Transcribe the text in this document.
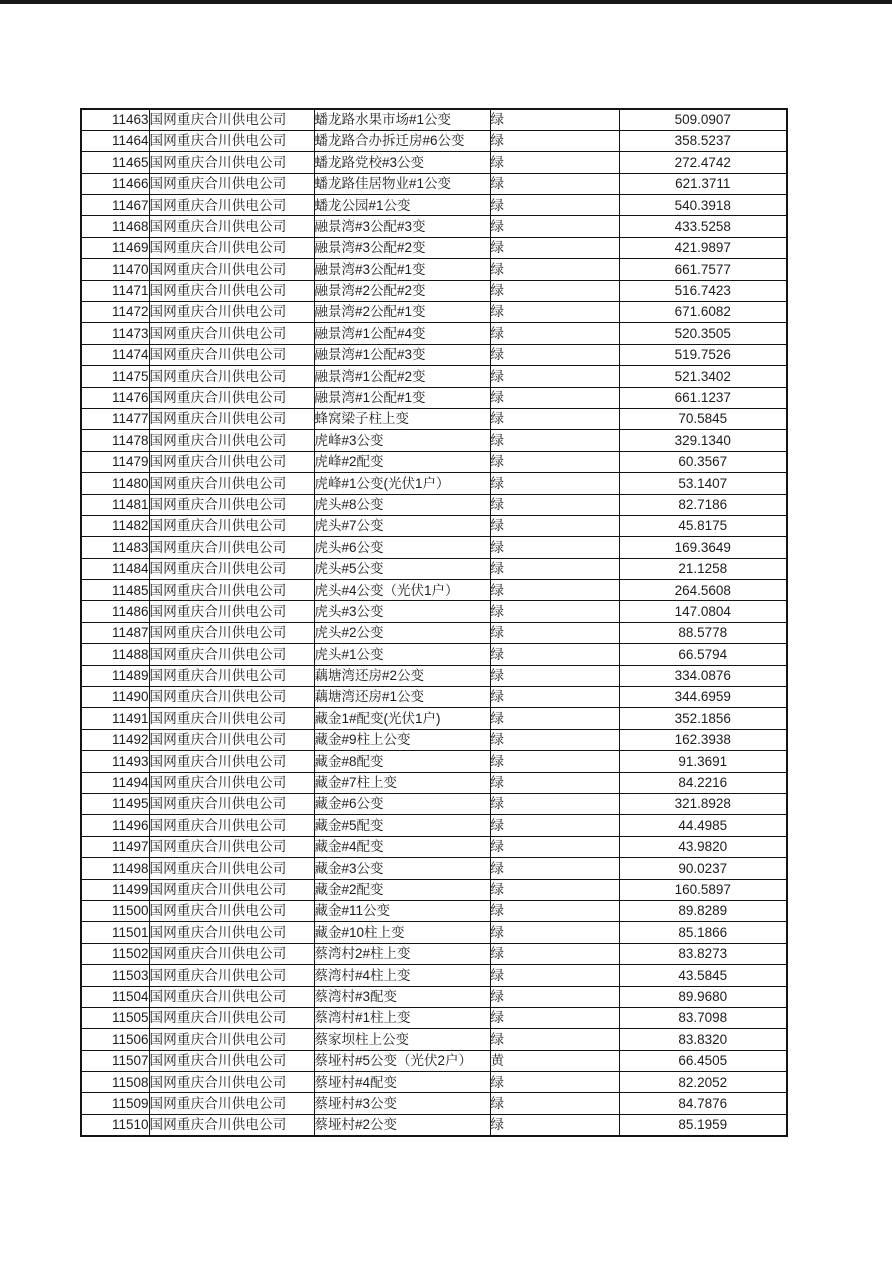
11463	国网重庆合川供电公司	蟠龙路水果市场#1公变	绿	509.0907
11464	国网重庆合川供电公司	蟠龙路合办拆迁房#6公变	绿	358.5237
11465	国网重庆合川供电公司	蟠龙路党校#3公变	绿	272.4742
11466	国网重庆合川供电公司	蟠龙路佳居物业#1公变	绿	621.3711
11467	国网重庆合川供电公司	蟠龙公园#1公变	绿	540.3918
11468	国网重庆合川供电公司	融景湾#3公配#3变	绿	433.5258
11469	国网重庆合川供电公司	融景湾#3公配#2变	绿	421.9897
11470	国网重庆合川供电公司	融景湾#3公配#1变	绿	661.7577
11471	国网重庆合川供电公司	融景湾#2公配#2变	绿	516.7423
11472	国网重庆合川供电公司	融景湾#2公配#1变	绿	671.6082
11473	国网重庆合川供电公司	融景湾#1公配#4变	绿	520.3505
11474	国网重庆合川供电公司	融景湾#1公配#3变	绿	519.7526
11475	国网重庆合川供电公司	融景湾#1公配#2变	绿	521.3402
11476	国网重庆合川供电公司	融景湾#1公配#1变	绿	661.1237
11477	国网重庆合川供电公司	蜂窝梁子柱上变	绿	70.5845
11478	国网重庆合川供电公司	虎峰#3公变	绿	329.1340
11479	国网重庆合川供电公司	虎峰#2配变	绿	60.3567
11480	国网重庆合川供电公司	虎峰#1公变(光伏1户）	绿	53.1407
11481	国网重庆合川供电公司	虎头#8公变	绿	82.7186
11482	国网重庆合川供电公司	虎头#7公变	绿	45.8175
11483	国网重庆合川供电公司	虎头#6公变	绿	169.3649
11484	国网重庆合川供电公司	虎头#5公变	绿	21.1258
11485	国网重庆合川供电公司	虎头#4公变（光伏1户）	绿	264.5608
11486	国网重庆合川供电公司	虎头#3公变	绿	147.0804
11487	国网重庆合川供电公司	虎头#2公变	绿	88.5778
11488	国网重庆合川供电公司	虎头#1公变	绿	66.5794
11489	国网重庆合川供电公司	藕塘湾还房#2公变	绿	334.0876
11490	国网重庆合川供电公司	藕塘湾还房#1公变	绿	344.6959
11491	国网重庆合川供电公司	藏金1#配变(光伏1户)	绿	352.1856
11492	国网重庆合川供电公司	藏金#9柱上公变	绿	162.3938
11493	国网重庆合川供电公司	藏金#8配变	绿	91.3691
11494	国网重庆合川供电公司	藏金#7柱上变	绿	84.2216
11495	国网重庆合川供电公司	藏金#6公变	绿	321.8928
11496	国网重庆合川供电公司	藏金#5配变	绿	44.4985
11497	国网重庆合川供电公司	藏金#4配变	绿	43.9820
11498	国网重庆合川供电公司	藏金#3公变	绿	90.0237
11499	国网重庆合川供电公司	藏金#2配变	绿	160.5897
11500	国网重庆合川供电公司	藏金#11公变	绿	89.8289
11501	国网重庆合川供电公司	藏金#10柱上变	绿	85.1866
11502	国网重庆合川供电公司	蔡湾村2#柱上变	绿	83.8273
11503	国网重庆合川供电公司	蔡湾村#4柱上变	绿	43.5845
11504	国网重庆合川供电公司	蔡湾村#3配变	绿	89.9680
11505	国网重庆合川供电公司	蔡湾村#1柱上变	绿	83.7098
11506	国网重庆合川供电公司	蔡家坝柱上公变	绿	83.8320
11507	国网重庆合川供电公司	蔡垭村#5公变（光伏2户）	黄	66.4505
11508	国网重庆合川供电公司	蔡垭村#4配变	绿	82.2052
11509	国网重庆合川供电公司	蔡垭村#3公变	绿	84.7876
11510	国网重庆合川供电公司	蔡垭村#2公变	绿	85.1959
